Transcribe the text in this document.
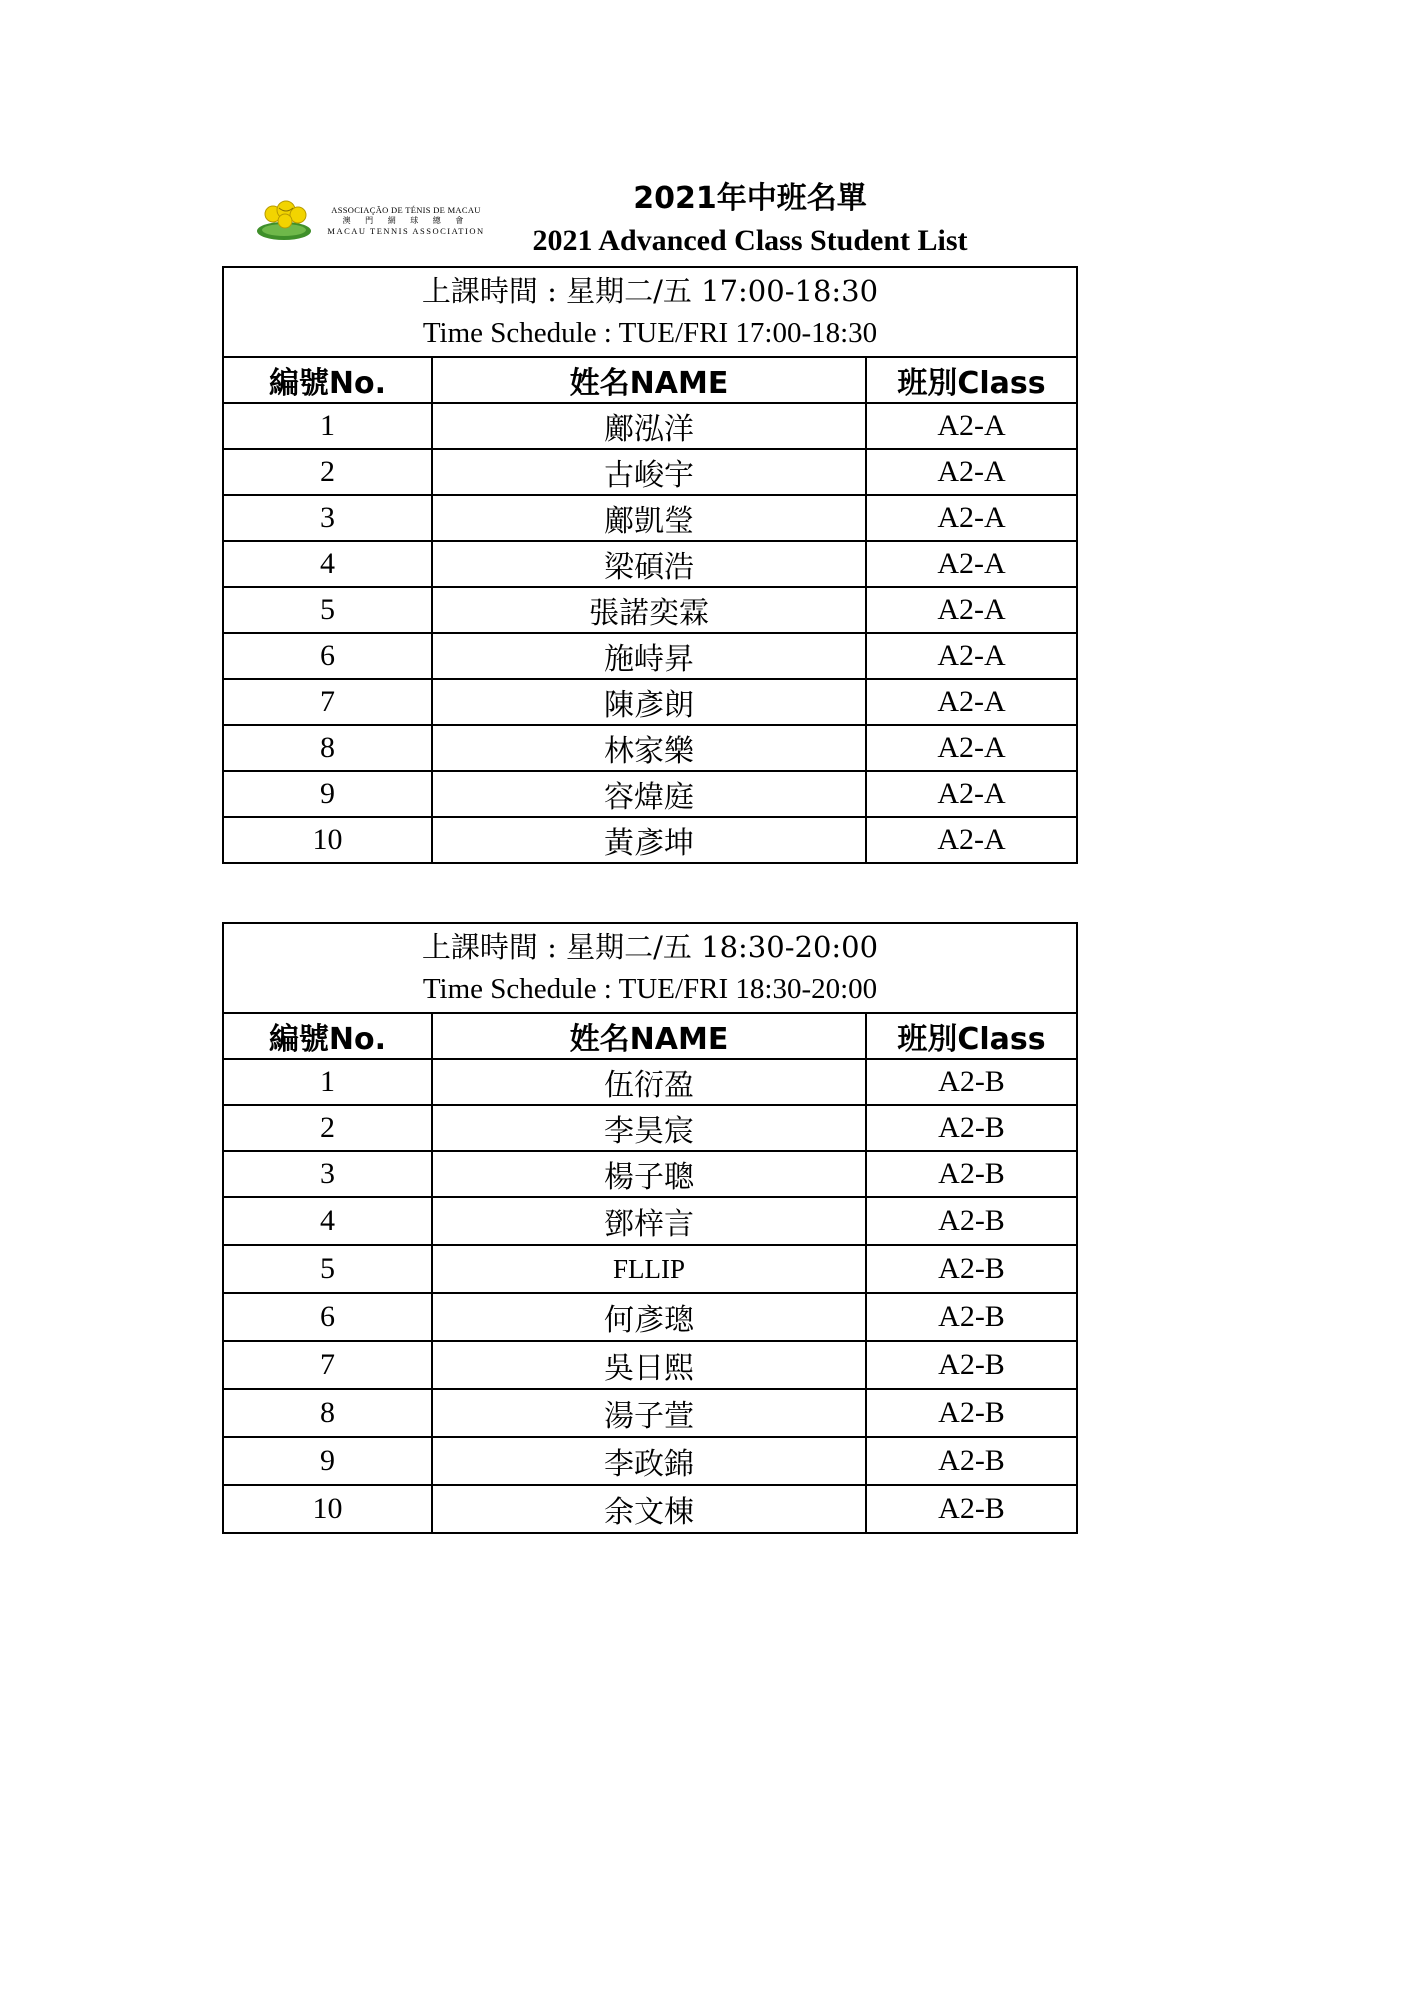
ASSOCIAÇÃO DE TÉNIS DE MACAU
澳 門 網 球 總 會
MACAU TENNIS ASSOCIATION
2021年中班名單
2021 Advanced Class Student List
上課時間 : 星期二/五 17:00-18:30
Time Schedule : TUE/FRI 17:00-18:30		

編號No.	姓名NAME	班別Class
1	鄺泓洋	A2-A
2	古峻宇	A2-A
3	鄺凱瑩	A2-A
4	梁碩浩	A2-A
5	張諾奕霖	A2-A
6	施峙昇	A2-A
7	陳彥朗	A2-A
8	林家樂	A2-A
9	容煒庭	A2-A
10	黃彥坤	A2-A
上課時間 : 星期二/五 18:30-20:00
Time Schedule : TUE/FRI 18:30-20:00		

編號No.	姓名NAME	班別Class
1	伍衍盈	A2-B
2	李昊宸	A2-B
3	楊子聰	A2-B
4	鄧梓言	A2-B
5	FLLIP	A2-B
6	何彥璁	A2-B
7	吳日熙	A2-B
8	湯子萱	A2-B
9	李政錦	A2-B
10	余文棟	A2-B
